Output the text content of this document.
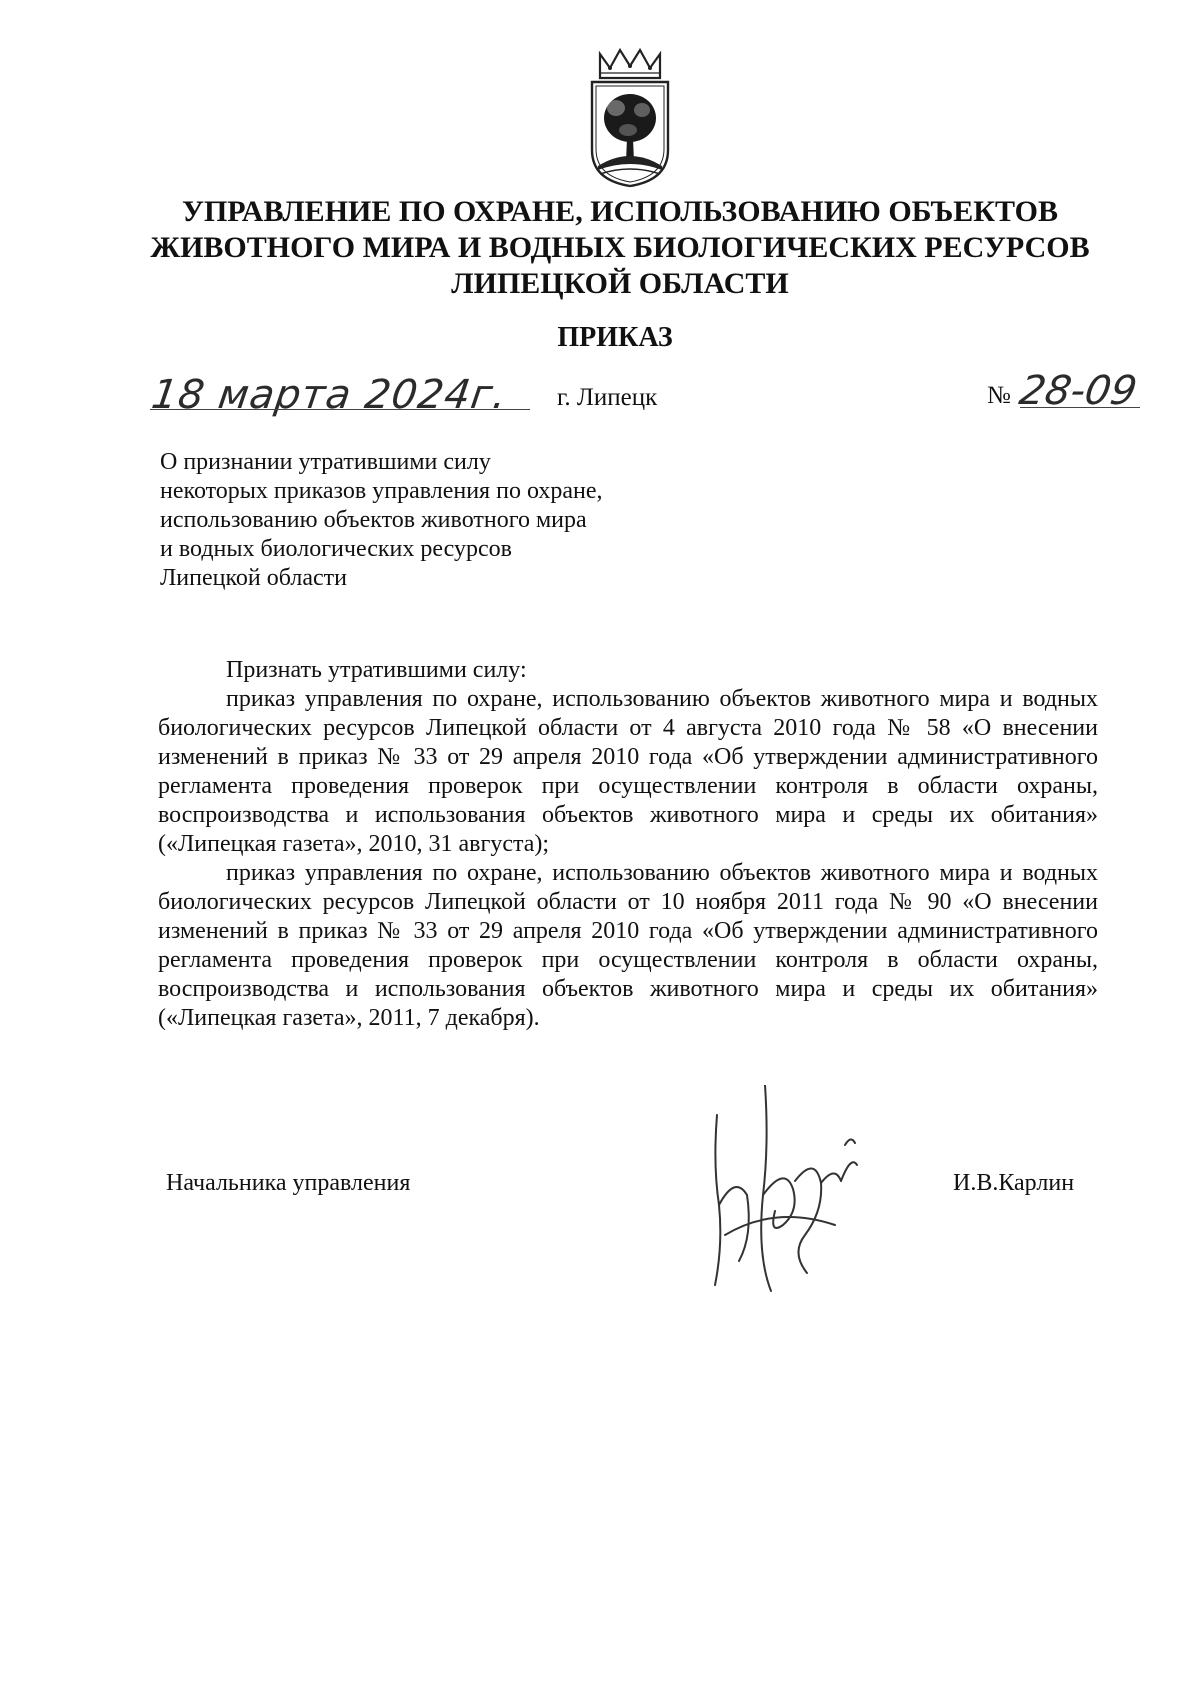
УПРАВЛЕНИЕ ПО ОХРАНЕ, ИСПОЛЬЗОВАНИЮ ОБЪЕКТОВ
ЖИВОТНОГО МИРА И ВОДНЫХ БИОЛОГИЧЕСКИХ РЕСУРСОВ
ЛИПЕЦКОЙ ОБЛАСТИ
ПРИКАЗ
18 марта 2024г. г. Липецк	№ 28-09
О признании утратившими силу
некоторых приказов управления по охране,
использованию объектов животного мира
и водных биологических ресурсов
Липецкой области
Признать утратившими силу:

приказ управления по охране, использованию объектов животного мира и водных биологических ресурсов Липецкой области от 4 августа 2010 года № 58 «О внесении изменений в приказ № 33 от 29 апреля 2010 года «Об утверждении административного регламента проведения проверок при осуществлении контроля в области охраны, воспроизводства и использования объектов животного мира и среды их обитания» («Липецкая газета», 2010, 31 августа);

приказ управления по охране, использованию объектов животного мира и водных биологических ресурсов Липецкой области от 10 ноября 2011 года № 90 «О внесении изменений в приказ № 33 от 29 апреля 2010 года «Об утверждении административного регламента проведения проверок при осуществлении контроля в области охраны, воспроизводства и использования объектов животного мира и среды их обитания» («Липецкая газета», 2011, 7 декабря).

Начальника управления	И.В.Карлин
